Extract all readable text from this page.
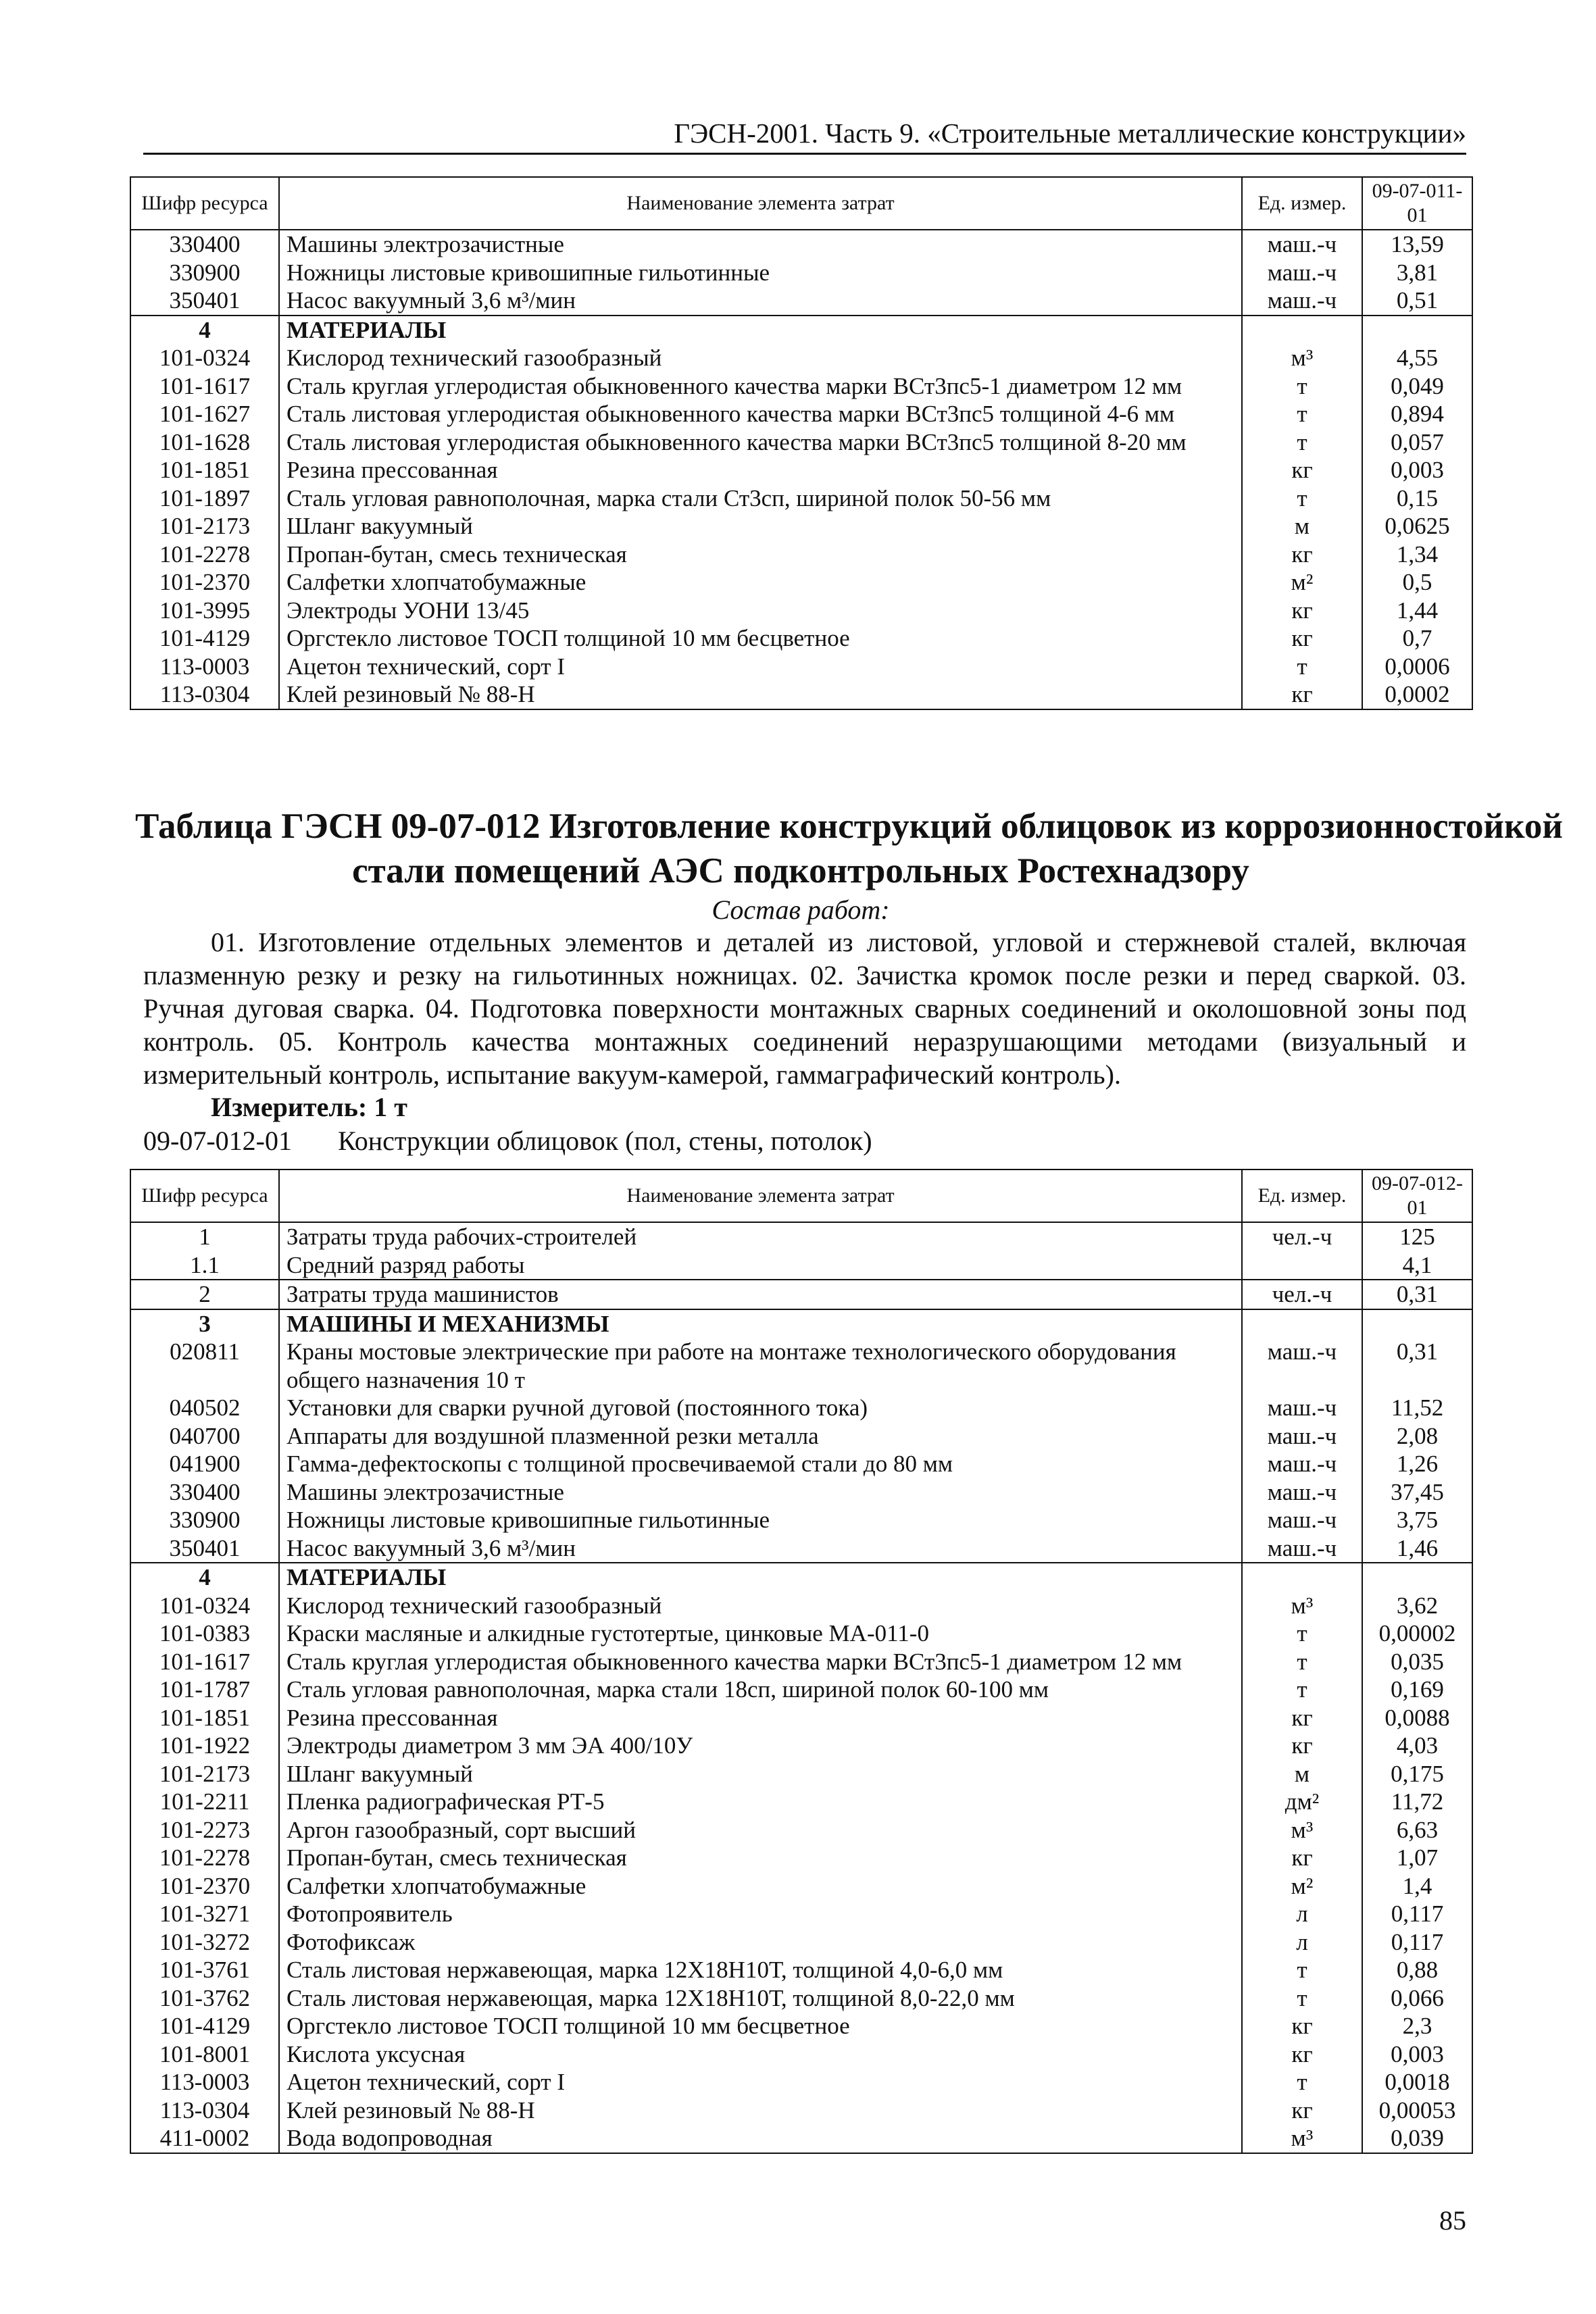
ГЭСН-2001. Часть 9. «Строительные металлические конструкции»
Шифр ресурса	Наименование элемента затрат	Ед. измер.	09-07-011-01
330400	Машины электрозачистные	маш.-ч	13,59
330900	Ножницы листовые кривошипные гильотинные	маш.-ч	3,81
350401	Насос вакуумный 3,6 м³/мин	маш.-ч	0,51
4	МАТЕРИАЛЫ		
101-0324	Кислород технический газообразный	м³	4,55
101-1617	Сталь круглая углеродистая обыкновенного качества марки ВСт3пс5-1 диаметром 12 мм	т	0,049
101-1627	Сталь листовая углеродистая обыкновенного качества марки ВСт3пс5 толщиной 4-6 мм	т	0,894
101-1628	Сталь листовая углеродистая обыкновенного качества марки ВСт3пс5 толщиной 8-20 мм	т	0,057
101-1851	Резина прессованная	кг	0,003
101-1897	Сталь угловая равнополочная, марка стали Ст3сп, шириной полок 50-56 мм	т	0,15
101-2173	Шланг вакуумный	м	0,0625
101-2278	Пропан-бутан, смесь техническая	кг	1,34
101-2370	Салфетки хлопчатобумажные	м²	0,5
101-3995	Электроды УОНИ 13/45	кг	1,44
101-4129	Оргстекло листовое ТОСП толщиной 10 мм бесцветное	кг	0,7
113-0003	Ацетон технический, сорт I	т	0,0006
113-0304	Клей резиновый № 88-Н	кг	0,0002
Таблица ГЭСН 09-07-012 Изготовление конструкций облицовок из коррозионностойкой
стали помещений АЭС подконтрольных Ростехнадзору
Состав работ:
01. Изготовление отдельных элементов и деталей из листовой, угловой и стержневой сталей, включая плазменную резку и резку на гильотинных ножницах. 02. Зачистка кромок после резки и перед сваркой. 03. Ручная дуговая сварка. 04. Подготовка поверхности монтажных сварных соединений и околошовной зоны под контроль. 05. Контроль качества монтажных соединений неразрушающими методами (визуальный и измерительный контроль, испытание вакуум-камерой, гаммаграфический контроль).
Измеритель: 1 т
09-07-012-01 Конструкции облицовок (пол, стены, потолок)
Шифр ресурса	Наименование элемента затрат	Ед. измер.	09-07-012-01
1	Затраты труда рабочих-строителей	чел.-ч	125
1.1	Средний разряд работы		4,1
2	Затраты труда машинистов	чел.-ч	0,31
3	МАШИНЫ И МЕХАНИЗМЫ		
020811	Краны мостовые электрические при работе на монтаже технологического оборудования общего назначения 10 т	маш.-ч	0,31
040502	Установки для сварки ручной дуговой (постоянного тока)	маш.-ч	11,52
040700	Аппараты для воздушной плазменной резки металла	маш.-ч	2,08
041900	Гамма-дефектоскопы с толщиной просвечиваемой стали до 80 мм	маш.-ч	1,26
330400	Машины электрозачистные	маш.-ч	37,45
330900	Ножницы листовые кривошипные гильотинные	маш.-ч	3,75
350401	Насос вакуумный 3,6 м³/мин	маш.-ч	1,46
4	МАТЕРИАЛЫ		
101-0324	Кислород технический газообразный	м³	3,62
101-0383	Краски масляные и алкидные густотертые, цинковые МА-011-0	т	0,00002
101-1617	Сталь круглая углеродистая обыкновенного качества марки ВСт3пс5-1 диаметром 12 мм	т	0,035
101-1787	Сталь угловая равнополочная, марка стали 18сп, шириной полок 60-100 мм	т	0,169
101-1851	Резина прессованная	кг	0,0088
101-1922	Электроды диаметром 3 мм ЭА 400/10У	кг	4,03
101-2173	Шланг вакуумный	м	0,175
101-2211	Пленка радиографическая РТ-5	дм²	11,72
101-2273	Аргон газообразный, сорт высший	м³	6,63
101-2278	Пропан-бутан, смесь техническая	кг	1,07
101-2370	Салфетки хлопчатобумажные	м²	1,4
101-3271	Фотопроявитель	л	0,117
101-3272	Фотофиксаж	л	0,117
101-3761	Сталь листовая нержавеющая, марка 12Х18Н10Т, толщиной 4,0-6,0 мм	т	0,88
101-3762	Сталь листовая нержавеющая, марка 12Х18Н10Т, толщиной 8,0-22,0 мм	т	0,066
101-4129	Оргстекло листовое ТОСП толщиной 10 мм бесцветное	кг	2,3
101-8001	Кислота уксусная	кг	0,003
113-0003	Ацетон технический, сорт I	т	0,0018
113-0304	Клей резиновый № 88-Н	кг	0,00053
411-0002	Вода водопроводная	м³	0,039
85
